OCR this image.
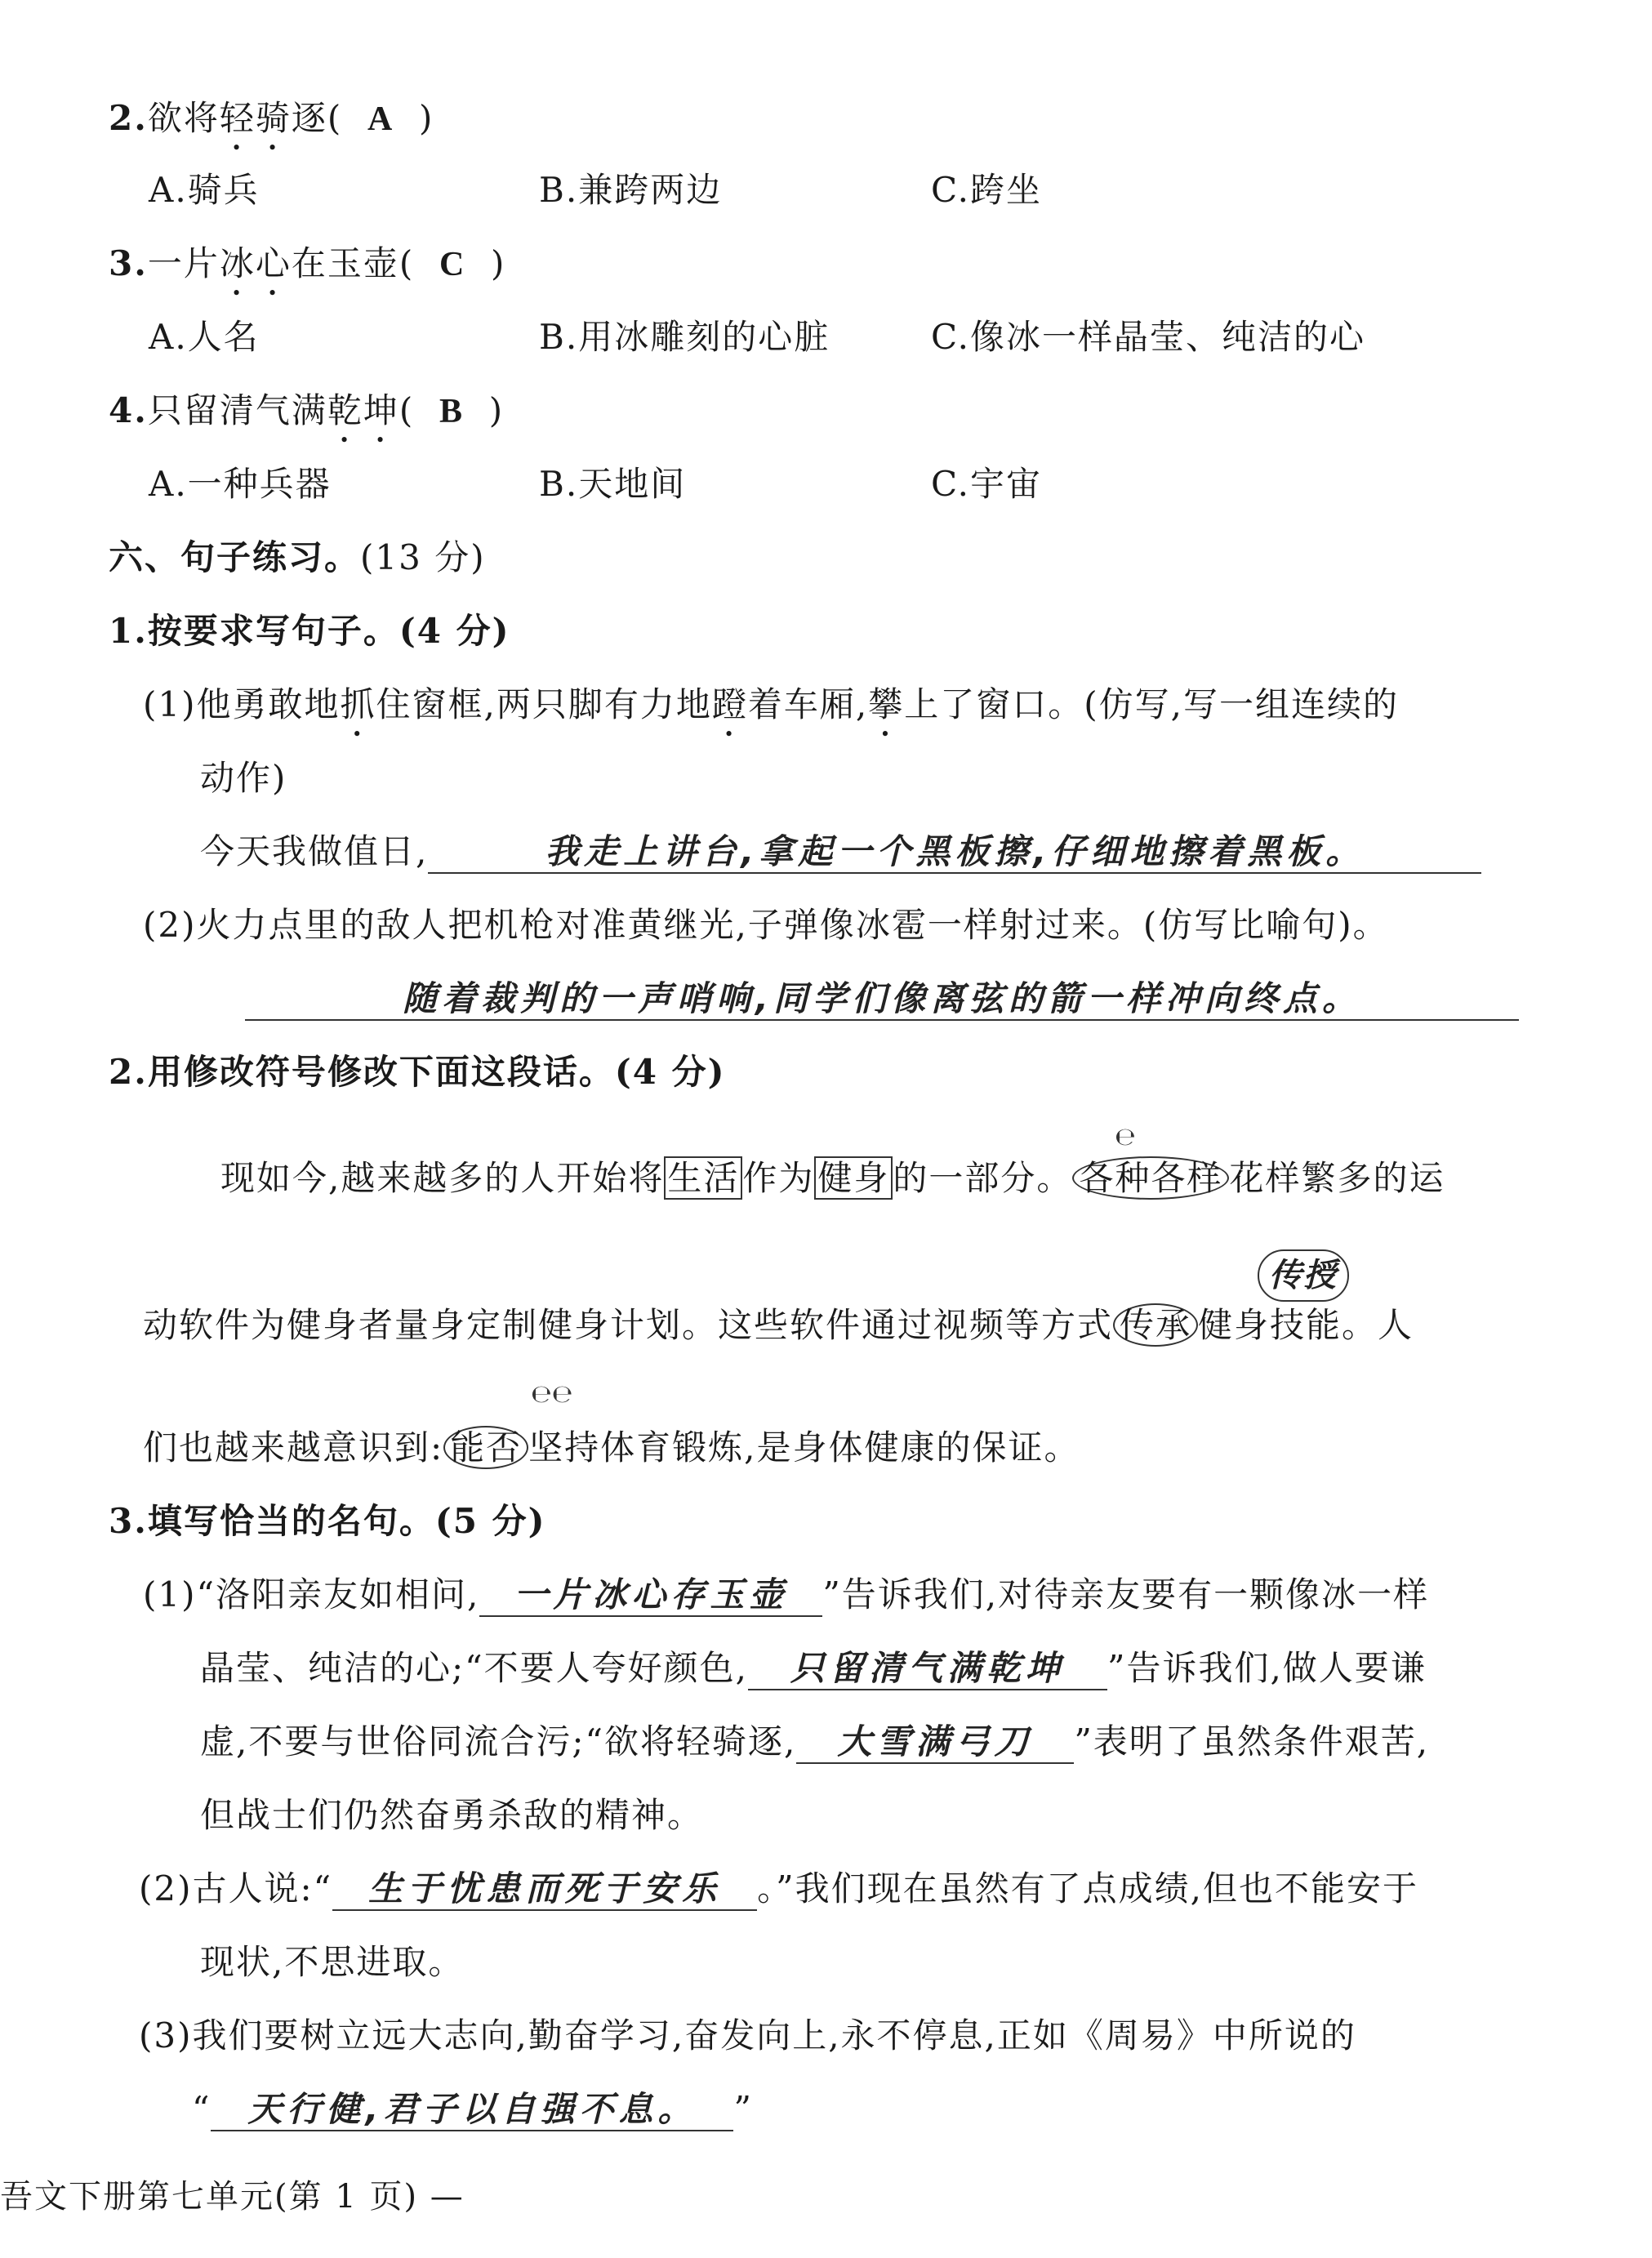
2.欲将轻骑逐( A )
A.骑兵	B.兼跨两边	C.跨坐
3.一片冰心在玉壶( C )
A.人名	B.用冰雕刻的心脏	C.像冰一样晶莹、纯洁的心
4.只留清气满乾坤( B )
A.一种兵器	B.天地间	C.宇宙
六、句子练习。(13 分)
1.按要求写句子。(4 分)
(1)他勇敢地抓住窗框,两只脚有力地蹬着车厢,攀上了窗口。(仿写,写一组连续的
动作)
今天我做值日,	我走上讲台,拿起一个黑板擦,仔细地擦着黑板。
(2)火力点里的敌人把机枪对准黄继光,子弹像冰雹一样射过来。(仿写比喻句)。
随着裁判的一声哨响,同学们像离弦的箭一样冲向终点。
2.用修改符号修改下面这段话。(4 分)
℮
现如今,越来越多的人开始将生活作为健身的一部分。 各种各样 花样繁多的运
传授
动软件为健身者量身定制健身计划。这些软件通过视频等方式 传承 健身技能。人
℮℮
们也越来越意识到: 能否 坚持体育锻炼,是身体健康的保证。
3.填写恰当的名句。(5 分)
(1)“洛阳亲友如相问, 一片冰心存玉壶 ”告诉我们,对待亲友要有一颗像冰一样
晶莹、纯洁的心;“不要人夸好颜色, 只留清气满乾坤 ”告诉我们,做人要谦
虚,不要与世俗同流合污;“欲将轻骑逐, 大雪满弓刀 ”表明了虽然条件艰苦,
但战士们仍然奋勇杀敌的精神。
(2)古人说:“ 生于忧患而死于安乐 。”我们现在虽然有了点成绩,但也不能安于
现状,不思进取。
(3)我们要树立远大志向,勤奋学习,奋发向上,永不停息,正如《周易》中所说的
“ 天行健,君子以自强不息。 ”
吾文下册第七单元(第 1 页) —
